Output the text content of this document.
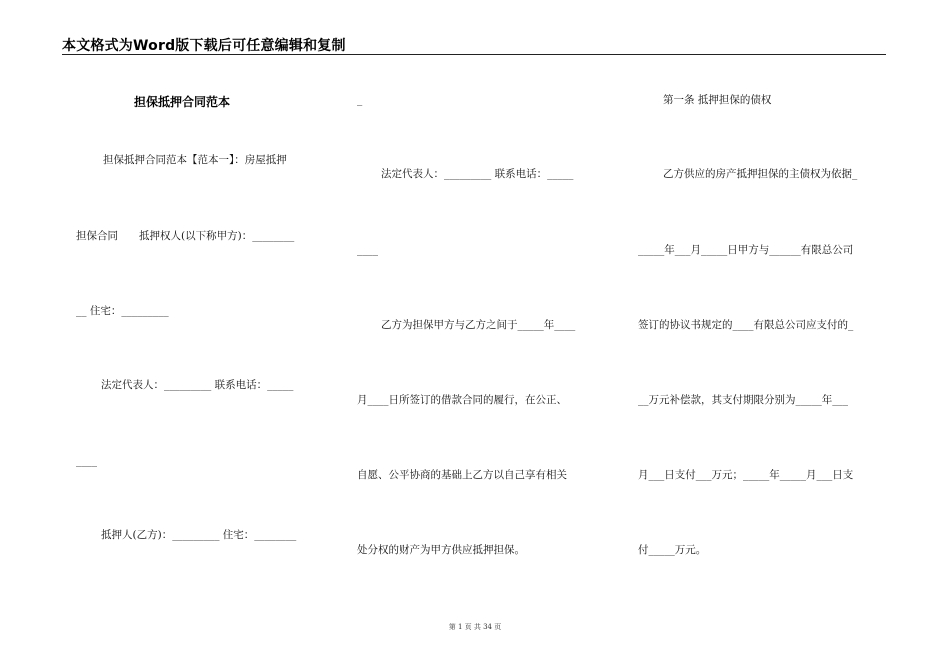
本文格式为Word版下载后可任意编辑和复制
担保抵押合同范本
担保抵押合同范本【范本一】：房屋抵押
担保合同　　抵押权人(以下称甲方)：________
__ 住宅：_________
法定代表人：_________ 联系电话：_____
____
抵押人(乙方)：_________ 住宅：________
_
法定代表人：_________ 联系电话：_____
____
乙方为担保甲方与乙方之间于_____年____
月____日所签订的借款合同的履行，在公正、
自愿、公平协商的基础上乙方以自己享有相关
处分权的财产为甲方供应抵押担保。
第一条 抵押担保的债权
乙方供应的房产抵押担保的主债权为依据_
_____年___月_____日甲方与______有限总公司
签订的协议书规定的____有限总公司应支付的_
__万元补偿款，其支付期限分别为_____年___
月___日支付___万元；_____年_____月___日支
付_____万元。
第 1 页 共 34 页
